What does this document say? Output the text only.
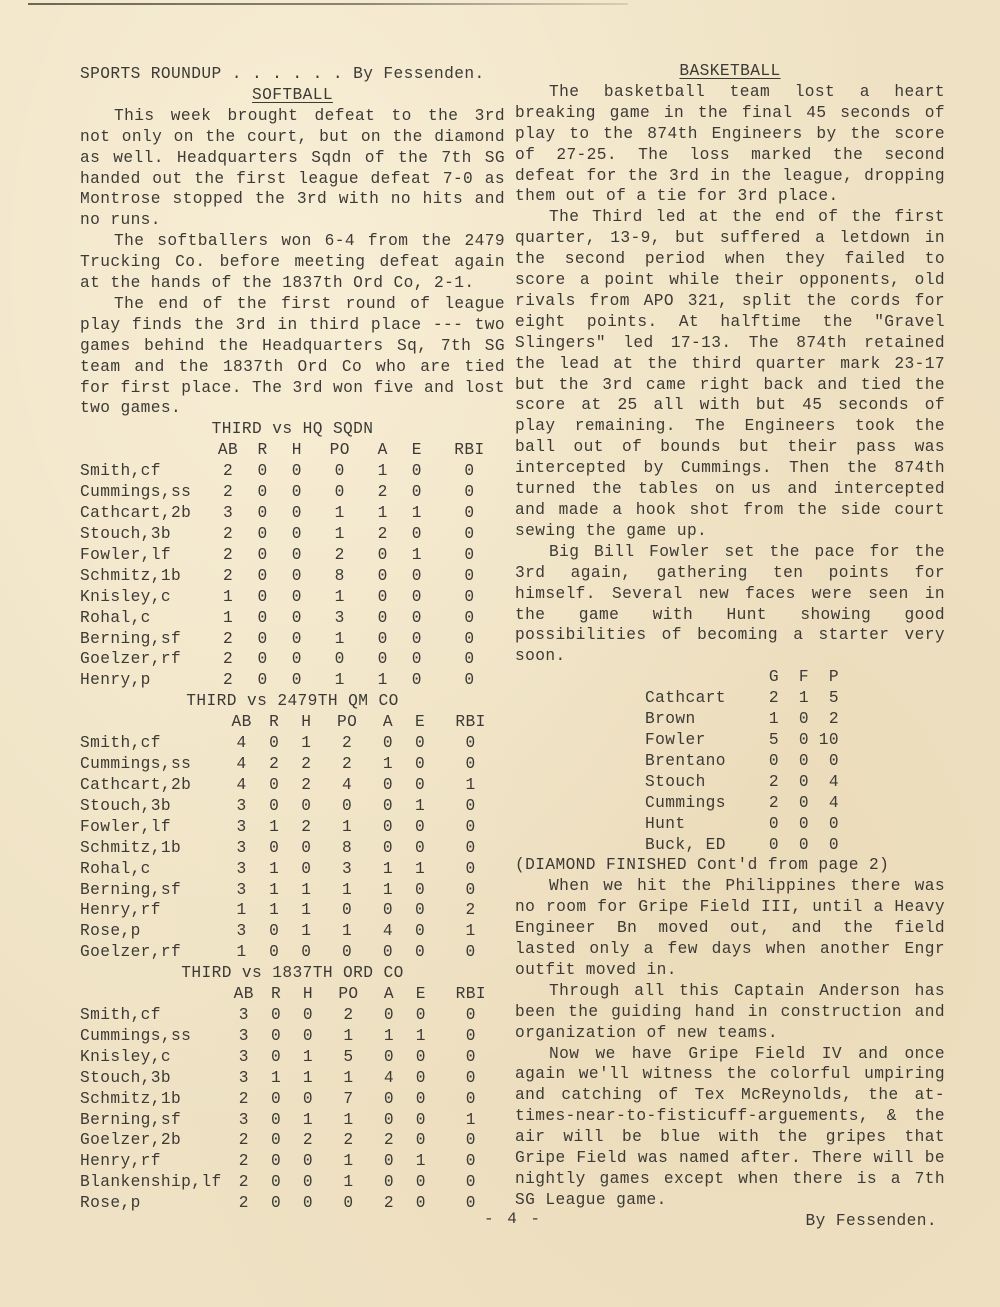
SPORTS ROUNDUP . . . . . . By Fessenden.
SOFTBALL

This week brought defeat to the 3rd not only on the court, but on the diamond as well. Headquarters Sqdn of the 7th SG handed out the first league defeat 7-0 as Montrose stopped the 3rd with no hits and no runs.

The softballers won 6-4 from the 2479 Trucking Co. before meeting defeat again at the hands of the 1837th Ord Co, 2-1.

The end of the first round of league play finds the 3rd in third place --- two games behind the Headquarters Sq, 7th SG team and the 1837th Ord Co who are tied for first place. The 3rd won five and lost two games.

THIRD vs HQ SQDN
	AB	R	H	PO	A	E	RBI
Smith,cf	2	0	0	0	1	0	0
Cummings,ss	2	0	0	0	2	0	0
Cathcart,2b	3	0	0	1	1	1	0
Stouch,3b	2	0	0	1	2	0	0
Fowler,lf	2	0	0	2	0	1	0
Schmitz,1b	2	0	0	8	0	0	0
Knisley,c	1	0	0	1	0	0	0
Rohal,c	1	0	0	3	0	0	0
Berning,sf	2	0	0	1	0	0	0
Goelzer,rf	2	0	0	0	0	0	0
Henry,p	2	0	0	1	1	0	0
THIRD vs 2479TH QM CO
	AB	R	H	PO	A	E	RBI
Smith,cf	4	0	1	2	0	0	0
Cummings,ss	4	2	2	2	1	0	0
Cathcart,2b	4	0	2	4	0	0	1
Stouch,3b	3	0	0	0	0	1	0
Fowler,lf	3	1	2	1	0	0	0
Schmitz,1b	3	0	0	8	0	0	0
Rohal,c	3	1	0	3	1	1	0
Berning,sf	3	1	1	1	1	0	0
Henry,rf	1	1	1	0	0	0	2
Rose,p	3	0	1	1	4	0	1
Goelzer,rf	1	0	0	0	0	0	0
THIRD vs 1837TH ORD CO
	AB	R	H	PO	A	E	RBI
Smith,cf	3	0	0	2	0	0	0
Cummings,ss	3	0	0	1	1	1	0
Knisley,c	3	0	1	5	0	0	0
Stouch,3b	3	1	1	1	4	0	0
Schmitz,1b	2	0	0	7	0	0	0
Berning,sf	3	0	1	1	0	0	1
Goelzer,2b	2	0	2	2	2	0	0
Henry,rf	2	0	0	1	0	1	0
Blankenship,lf	2	0	0	1	0	0	0
Rose,p	2	0	0	0	2	0	0
BASKETBALL

The basketball team lost a heart breaking game in the final 45 seconds of play to the 874th Engineers by the score of 27-25. The loss marked the second defeat for the 3rd in the league, dropping them out of a tie for 3rd place.

The Third led at the end of the first quarter, 13-9, but suffered a letdown in the second period when they failed to score a point while their opponents, old rivals from APO 321, split the cords for eight points. At halftime the "Gravel Slingers" led 17-13. The 874th retained the lead at the third quarter mark 23-17 but the 3rd came right back and tied the score at 25 all with but 45 seconds of play remaining. The Engineers took the ball out of bounds but their pass was intercepted by Cummings. Then the 874th turned the tables on us and intercepted and made a hook shot from the side court sewing the game up.

Big Bill Fowler set the pace for the 3rd again, gathering ten points for himself. Several new faces were seen in the game with Hunt showing good possibilities of becoming a starter very soon.

	G	F	P
Cathcart	2	1	5
Brown	1	0	2
Fowler	5	0	10
Brentano	0	0	0
Stouch	2	0	4
Cummings	2	0	4
Hunt	0	0	0
Buck, ED	0	0	0

(DIAMOND FINISHED Cont'd from page 2)

When we hit the Philippines there was no room for Gripe Field III, until a Heavy Engineer Bn moved out, and the field lasted only a few days when another Engr outfit moved in.

Through all this Captain Anderson has been the guiding hand in construction and organization of new teams.

Now we have Gripe Field IV and once again we'll witness the colorful umpiring and catching of Tex McReynolds, the at-times-near-to-fisticuff-arguements, & the air will be blue with the gripes that Gripe Field was named after. There will be nightly games except when there is a 7th SG League game.

By Fessenden.
- 4 -
